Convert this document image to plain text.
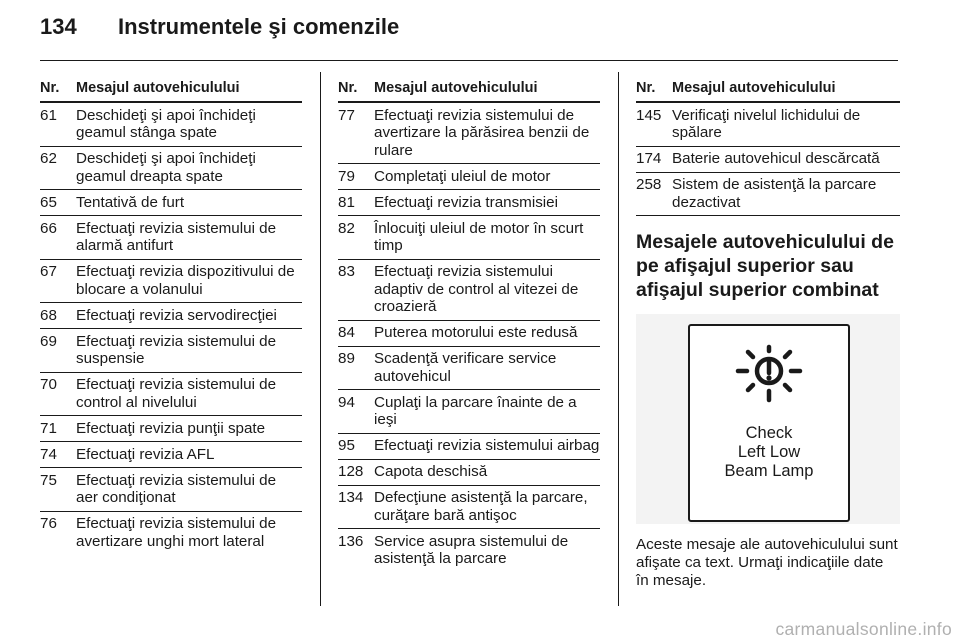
134 Instrumentele şi comenzile
Nr.	Mesajul autovehiculului
61	Deschideţi şi apoi închideţi geamul stânga spate
62	Deschideţi şi apoi închideţi geamul dreapta spate
65	Tentativă de furt
66	Efectuaţi revizia sistemului de alarmă antifurt
67	Efectuaţi revizia dispozitivului de blocare a volanului
68	Efectuaţi revizia servodirecţiei
69	Efectuaţi revizia sistemului de suspensie
70	Efectuaţi revizia sistemului de control al nivelului
71	Efectuaţi revizia punţii spate
74	Efectuaţi revizia AFL
75	Efectuaţi revizia sistemului de aer condiţionat
76	Efectuaţi revizia sistemului de avertizare unghi mort lateral
Nr.	Mesajul autovehiculului
77	Efectuaţi revizia sistemului de avertizare la părăsirea benzii de rulare
79	Completaţi uleiul de motor
81	Efectuaţi revizia transmisiei
82	Înlocuiţi uleiul de motor în scurt timp
83	Efectuaţi revizia sistemului adaptiv de control al vitezei de croazieră
84	Puterea motorului este redusă
89	Scadenţă verificare service autovehicul
94	Cuplaţi la parcare înainte de a ieşi
95	Efectuaţi revizia sistemului airbag
128 Capota deschisă
134 Defecţiune asistenţă la parcare, curăţare bară antişoc
136 Service asupra sistemului de asistenţă la parcare
Nr.	Mesajul autovehiculului
145 Verificaţi nivelul lichidului de spălare
174 Baterie autovehicul descărcată
258 Sistem de asistenţă la parcare dezactivat
Mesajele autovehiculului de pe afişajul superior sau afişajul superior combinat
Check
Left Low
Beam Lamp
Aceste mesaje ale autovehiculului sunt afişate ca text. Urmaţi indicaţiile date în mesaje.
carmanualsonline.info
